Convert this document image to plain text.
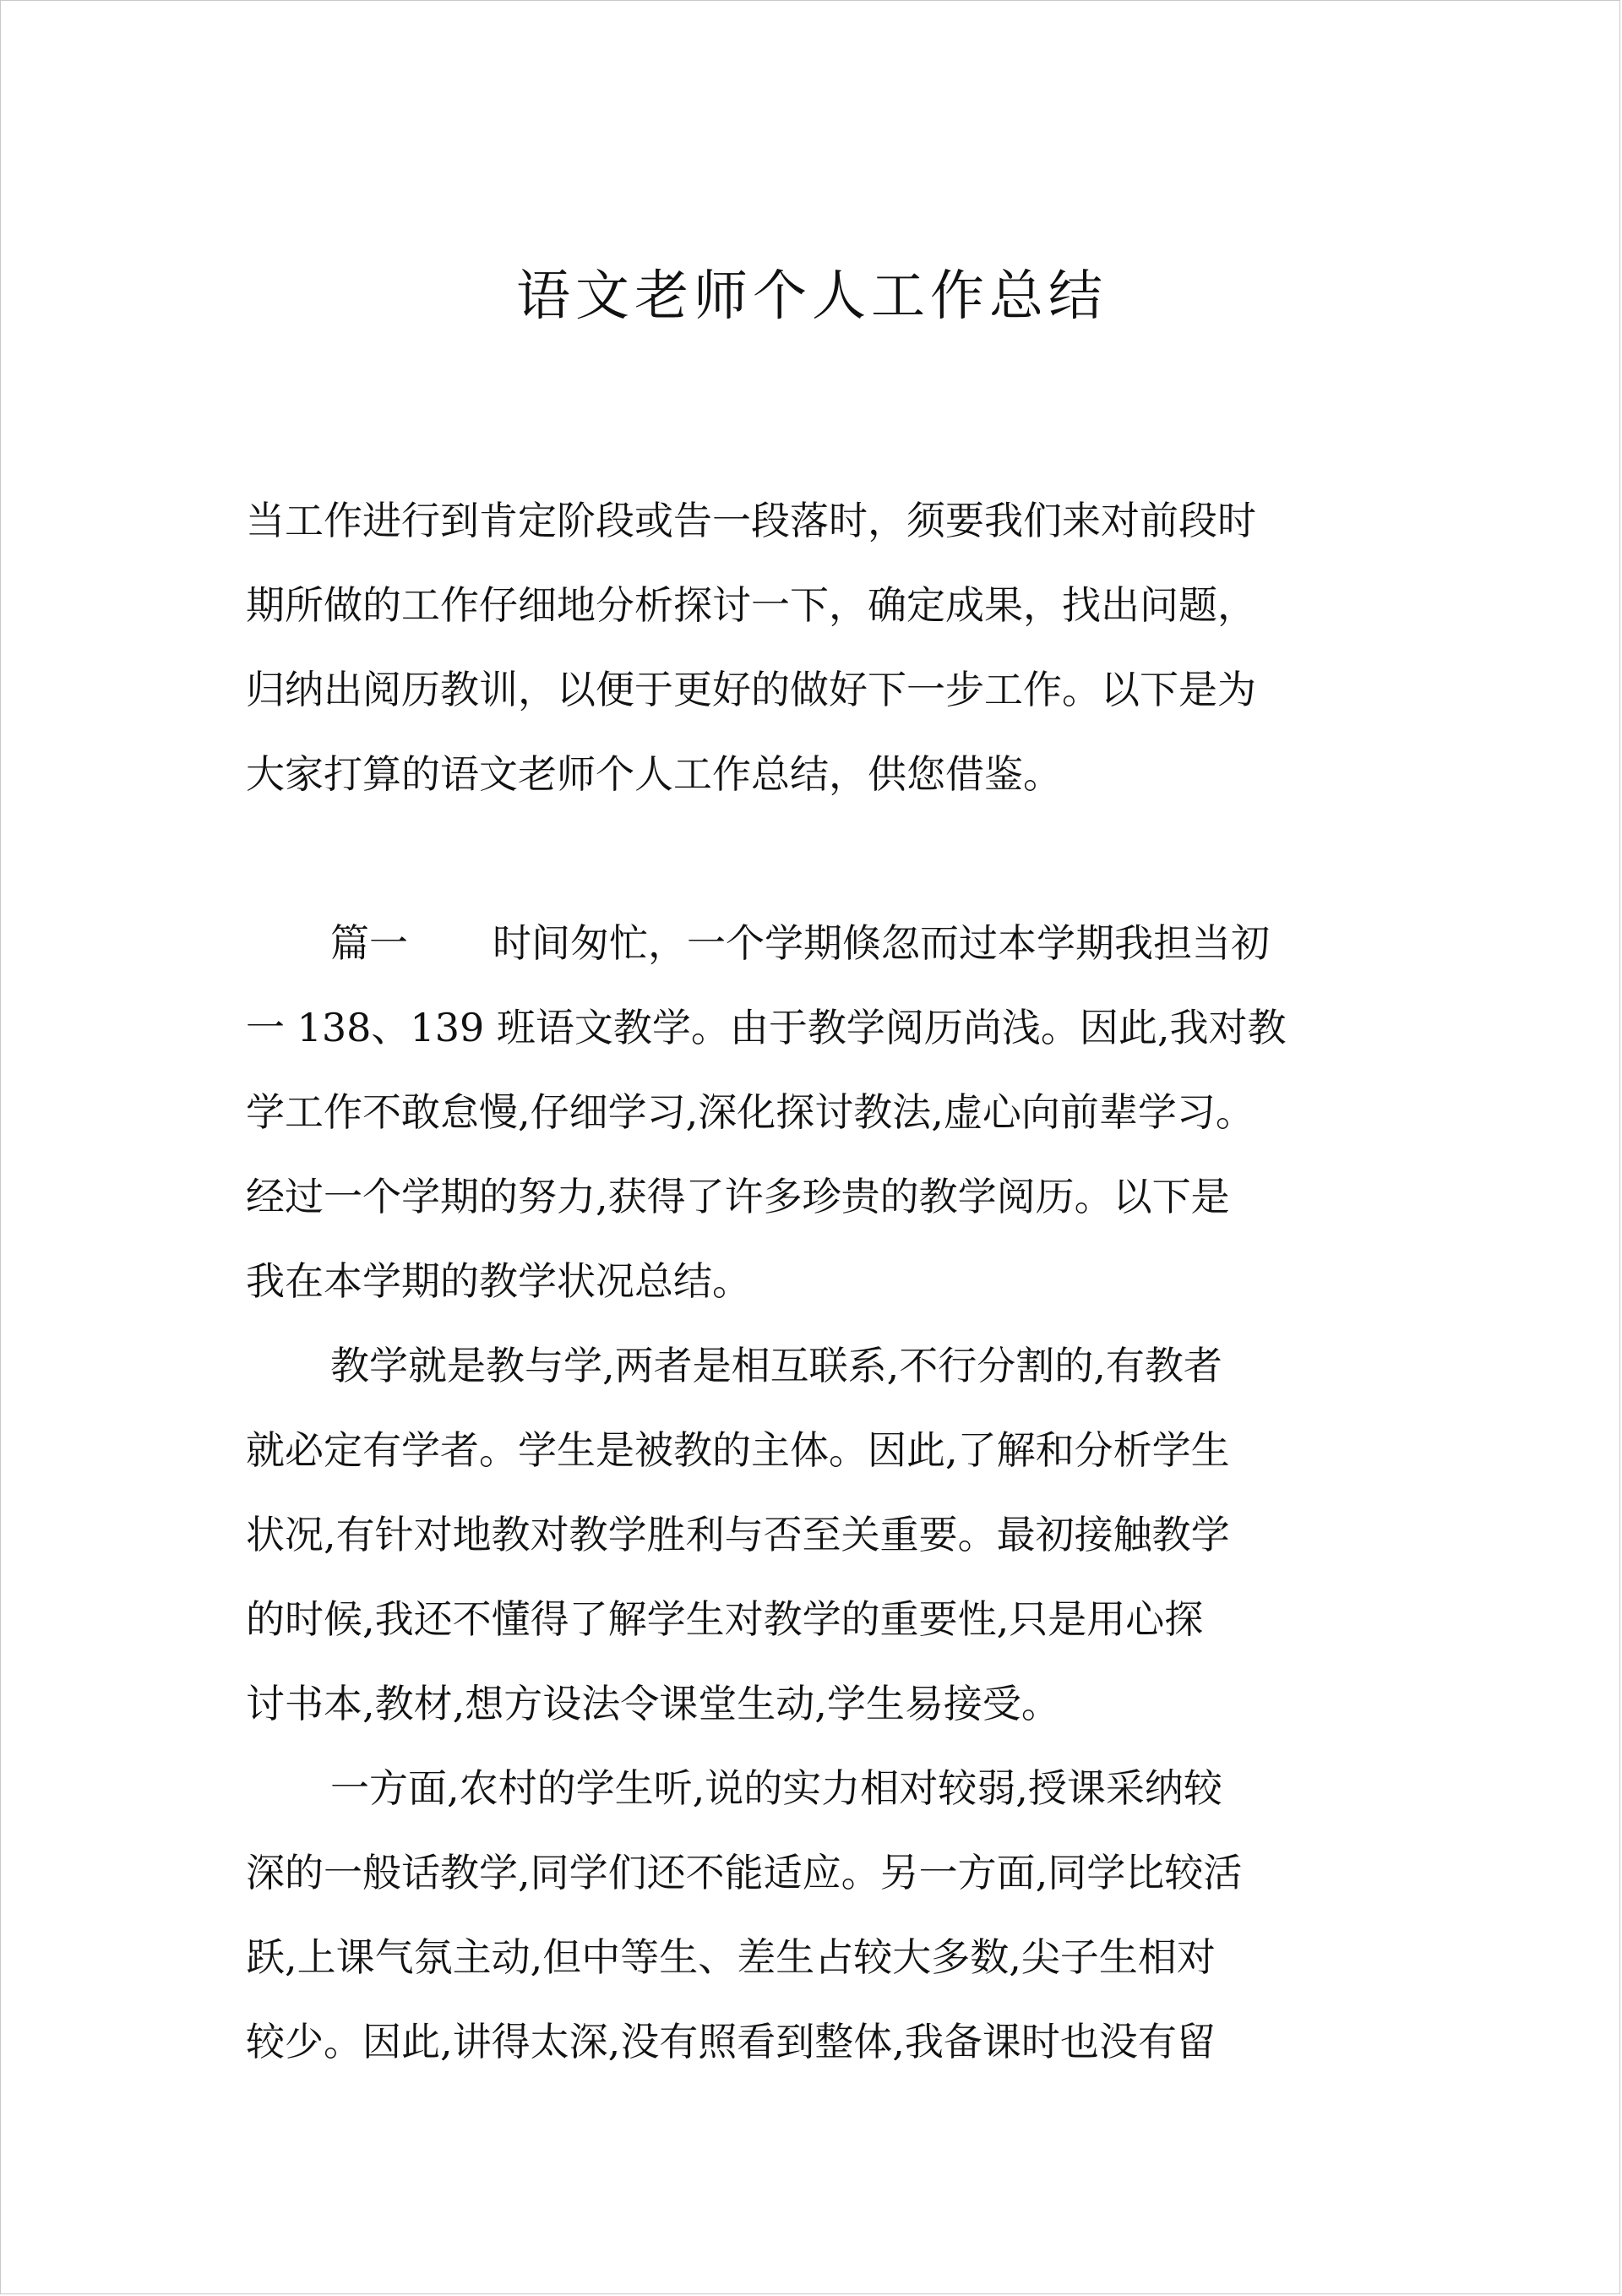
语文老师个人工作总结

当工作进行到肯定阶段或告一段落时，须要我们来对前段时
期所做的工作仔细地分析探讨一下，确定成果，找出问题，
归纳出阅历教训，以便于更好的做好下一步工作。以下是为
大家打算的语文老师个人工作总结，供您借鉴。

篇一 时间匆忙，一个学期倏忽而过本学期我担当初
一 138、139 班语文教学。由于教学阅历尚浅。因此,我对教
学工作不敢怠慢,仔细学习,深化探讨教法,虚心向前辈学习。
经过一个学期的努力,获得了许多珍贵的教学阅历。以下是
我在本学期的教学状况总结。

教学就是教与学,两者是相互联系,不行分割的,有教者
就必定有学者。学生是被教的主体。因此,了解和分析学生
状况,有针对地教对教学胜利与否至关重要。最初接触教学
的时候,我还不懂得了解学生对教学的重要性,只是用心探
讨书本,教材,想方设法令课堂生动,学生易接受。

一方面,农村的学生听,说的实力相对较弱,授课采纳较
深的一般话教学,同学们还不能适应。另一方面,同学比较活
跃,上课气氛主动,但中等生、差生占较大多数,尖子生相对
较少。因此,讲得太深,没有照看到整体,我备课时也没有留
